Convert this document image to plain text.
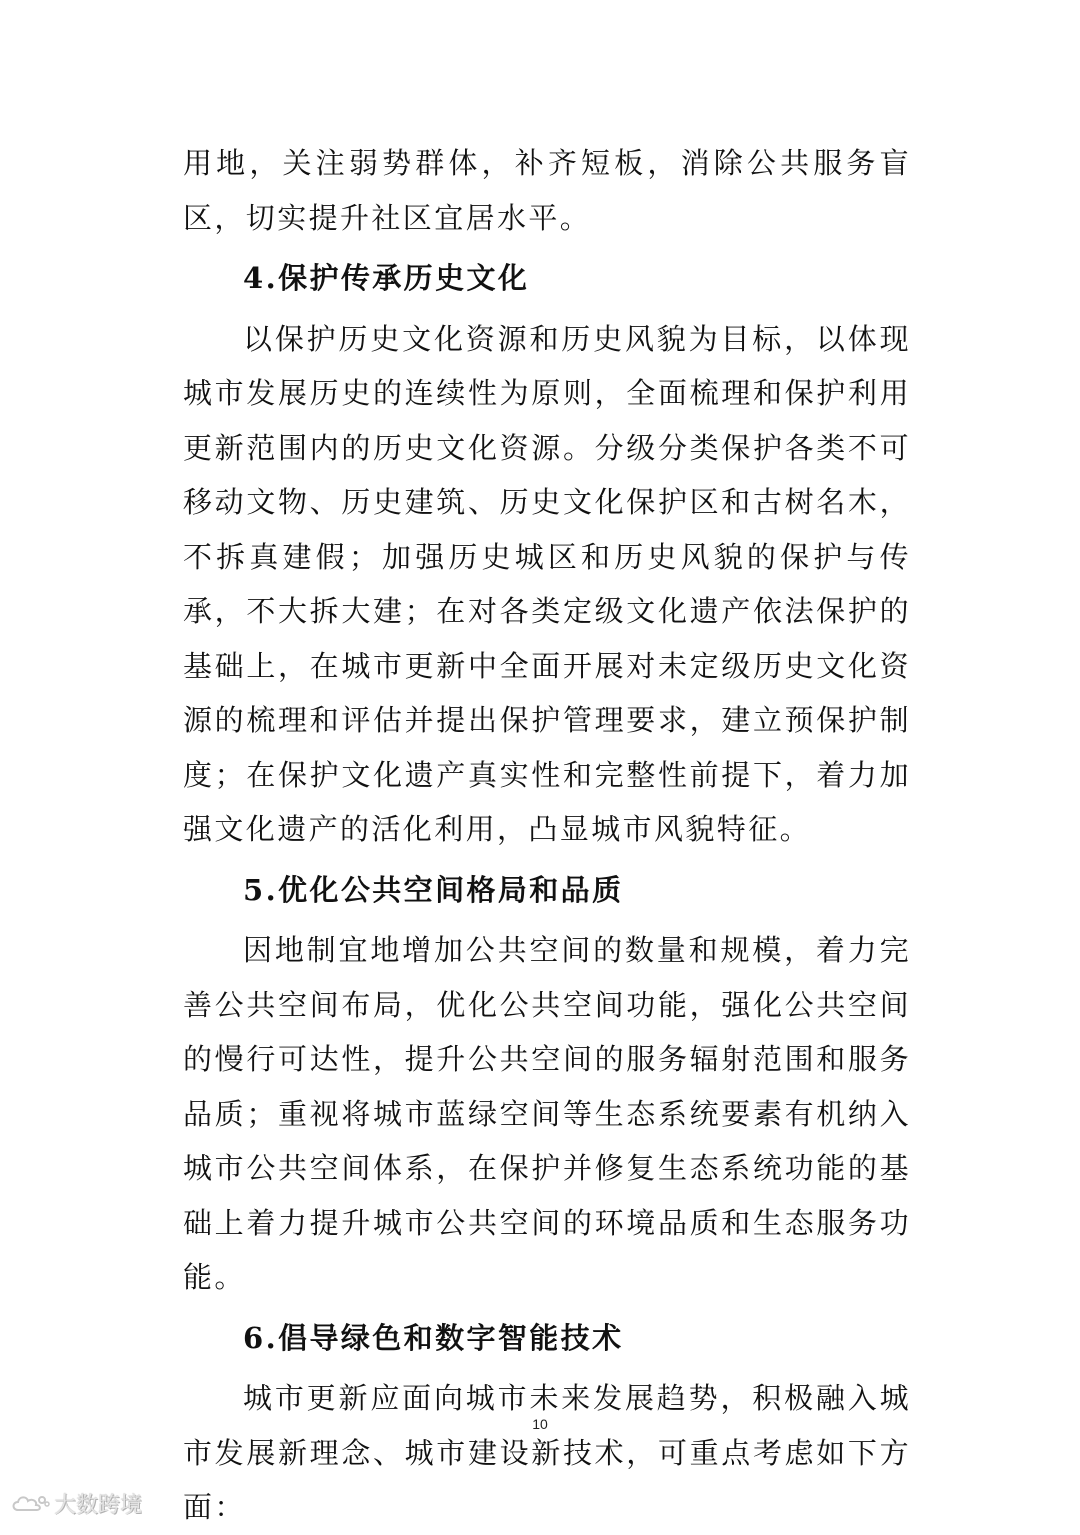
用地，关注弱势群体，补齐短板，消除公共服务盲区，切实提升社区宜居水平。

4.保护传承历史文化

以保护历史文化资源和历史风貌为目标，以体现城市发展历史的连续性为原则，全面梳理和保护利用更新范围内的历史文化资源。分级分类保护各类不可移动文物、历史建筑、历史文化保护区和古树名木，不拆真建假；加强历史城区和历史风貌的保护与传承，不大拆大建；在对各类定级文化遗产依法保护的基础上，在城市更新中全面开展对未定级历史文化资源的梳理和评估并提出保护管理要求，建立预保护制度；在保护文化遗产真实性和完整性前提下，着力加强文化遗产的活化利用，凸显城市风貌特征。

5.优化公共空间格局和品质

因地制宜地增加公共空间的数量和规模，着力完善公共空间布局，优化公共空间功能，强化公共空间的慢行可达性，提升公共空间的服务辐射范围和服务品质；重视将城市蓝绿空间等生态系统要素有机纳入城市公共空间体系，在保护并修复生态系统功能的基础上着力提升城市公共空间的环境品质和生态服务功能。

6.倡导绿色和数字智能技术

城市更新应面向城市未来发展趋势，积极融入城市发展新理念、城市建设新技术，可重点考虑如下方面：

10
大数跨境
